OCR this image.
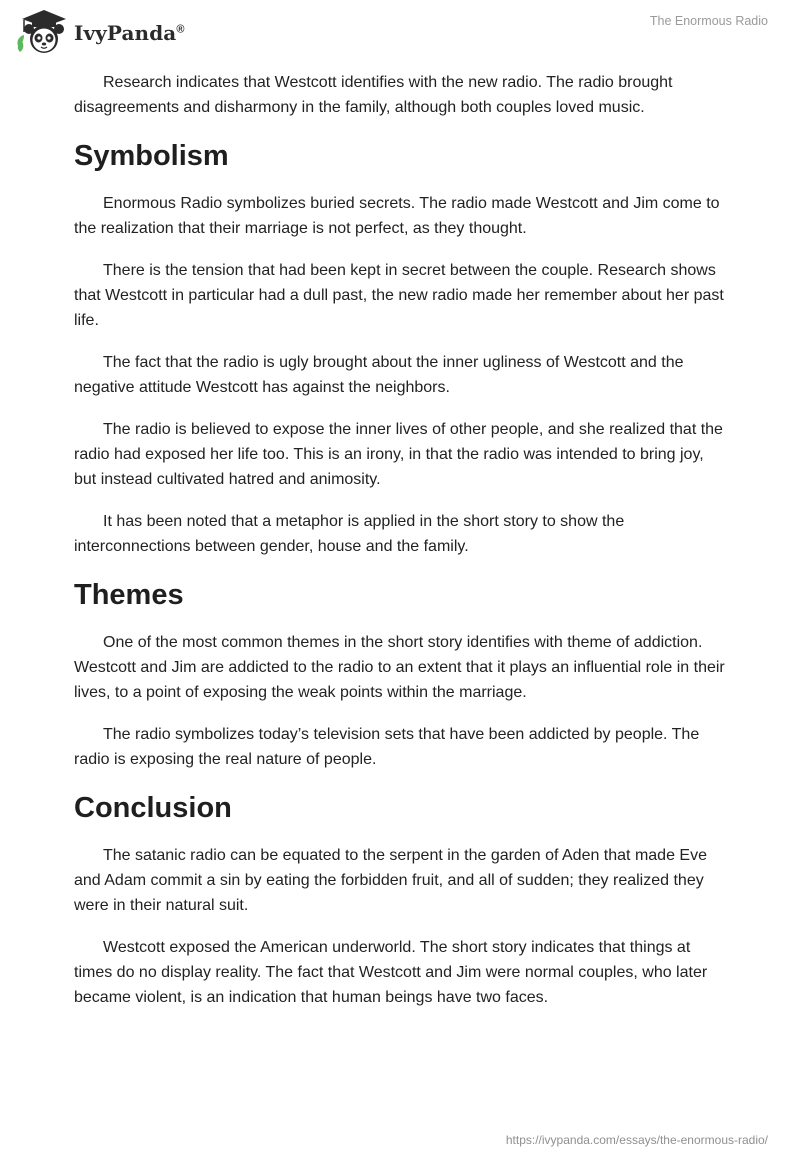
IvyPanda®
The Enormous Radio

Research indicates that Westcott identifies with the new radio. The radio brought disagreements and disharmony in the family, although both couples loved music.

Symbolism

Enormous Radio symbolizes buried secrets. The radio made Westcott and Jim come to the realization that their marriage is not perfect, as they thought.

There is the tension that had been kept in secret between the couple. Research shows that Westcott in particular had a dull past, the new radio made her remember about her past life.

The fact that the radio is ugly brought about the inner ugliness of Westcott and the negative attitude Westcott has against the neighbors.

The radio is believed to expose the inner lives of other people, and she realized that the radio had exposed her life too. This is an irony, in that the radio was intended to bring joy, but instead cultivated hatred and animosity.

It has been noted that a metaphor is applied in the short story to show the interconnections between gender, house and the family.

Themes

One of the most common themes in the short story identifies with theme of addiction. Westcott and Jim are addicted to the radio to an extent that it plays an influential role in their lives, to a point of exposing the weak points within the marriage.

The radio symbolizes today’s television sets that have been addicted by people. The radio is exposing the real nature of people.

Conclusion

The satanic radio can be equated to the serpent in the garden of Aden that made Eve and Adam commit a sin by eating the forbidden fruit, and all of sudden; they realized they were in their natural suit.

Westcott exposed the American underworld. The short story indicates that things at times do no display reality. The fact that Westcott and Jim were normal couples, who later became violent, is an indication that human beings have two faces.

https://ivypanda.com/essays/the-enormous-radio/
